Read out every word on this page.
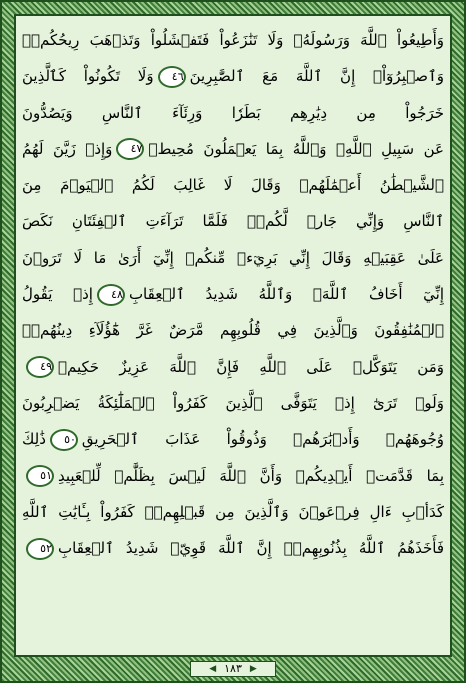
وَأَطِيعُواْ ٱللَّهَ وَرَسُولَهُۥ وَلَا تَنَٰزَعُواْ فَتَفۡشَلُواْ وَتَذۡهَبَ رِيحُكُمۡۖ
وَٱصۡبِرُوٓاْۚ إِنَّ ٱللَّهَ مَعَ ٱلصَّٰبِرِينَ٤٦وَلَا تَكُونُواْ كَٱلَّذِينَ
خَرَجُواْ مِن دِيَٰرِهِم بَطَرٗا وَرِئَآءَ ٱلنَّاسِ وَيَصُدُّونَ
عَن سَبِيلِ ٱللَّهِۚ وَٱللَّهُ بِمَا يَعۡمَلُونَ مُحِيطٞ٤٧وَإِذۡ زَيَّنَ لَهُمُ
ٱلشَّيۡطَٰنُ أَعۡمَٰلَهُمۡ وَقَالَ لَا غَالِبَ لَكُمُ ٱلۡيَوۡمَ مِنَ
ٱلنَّاسِ وَإِنِّي جَارٞ لَّكُمۡۖ فَلَمَّا تَرَآءَتِ ٱلۡفِئَتَانِ نَكَصَ
عَلَىٰ عَقِبَيۡهِ وَقَالَ إِنِّي بَرِيٓءٞ مِّنكُمۡ إِنِّيٓ أَرَىٰ مَا لَا تَرَوۡنَ
إِنِّيٓ أَخَافُ ٱللَّهَۚ وَٱللَّهُ شَدِيدُ ٱلۡعِقَابِ٤٨إِذۡ يَقُولُ
ٱلۡمُنَٰفِقُونَ وَٱلَّذِينَ فِي قُلُوبِهِم مَّرَضٌ غَرَّ هَٰٓؤُلَآءِ دِينُهُمۡۗ
وَمَن يَتَوَكَّلۡ عَلَى ٱللَّهِ فَإِنَّ ٱللَّهَ عَزِيزٌ حَكِيمٞ٤٩
وَلَوۡ تَرَىٰٓ إِذۡ يَتَوَفَّى ٱلَّذِينَ كَفَرُواْ ٱلۡمَلَٰٓئِكَةُ يَضۡرِبُونَ
وُجُوهَهُمۡ وَأَدۡبَٰرَهُمۡ وَذُوقُواْ عَذَابَ ٱلۡحَرِيقِ٥٠ذَٰلِكَ
بِمَا قَدَّمَتۡ أَيۡدِيكُمۡ وَأَنَّ ٱللَّهَ لَيۡسَ بِظَلَّٰمٖ لِّلۡعَبِيدِ٥١
كَدَأۡبِ ءَالِ فِرۡعَوۡنَ وَٱلَّذِينَ مِن قَبۡلِهِمۡۚ كَفَرُواْ بِـَٔايَٰتِ ٱللَّهِ
فَأَخَذَهُمُ ٱللَّهُ بِذُنُوبِهِمۡۚ إِنَّ ٱللَّهَ قَوِيّٞ شَدِيدُ ٱلۡعِقَابِ٥٢
◀ ١٨٣ ▶
